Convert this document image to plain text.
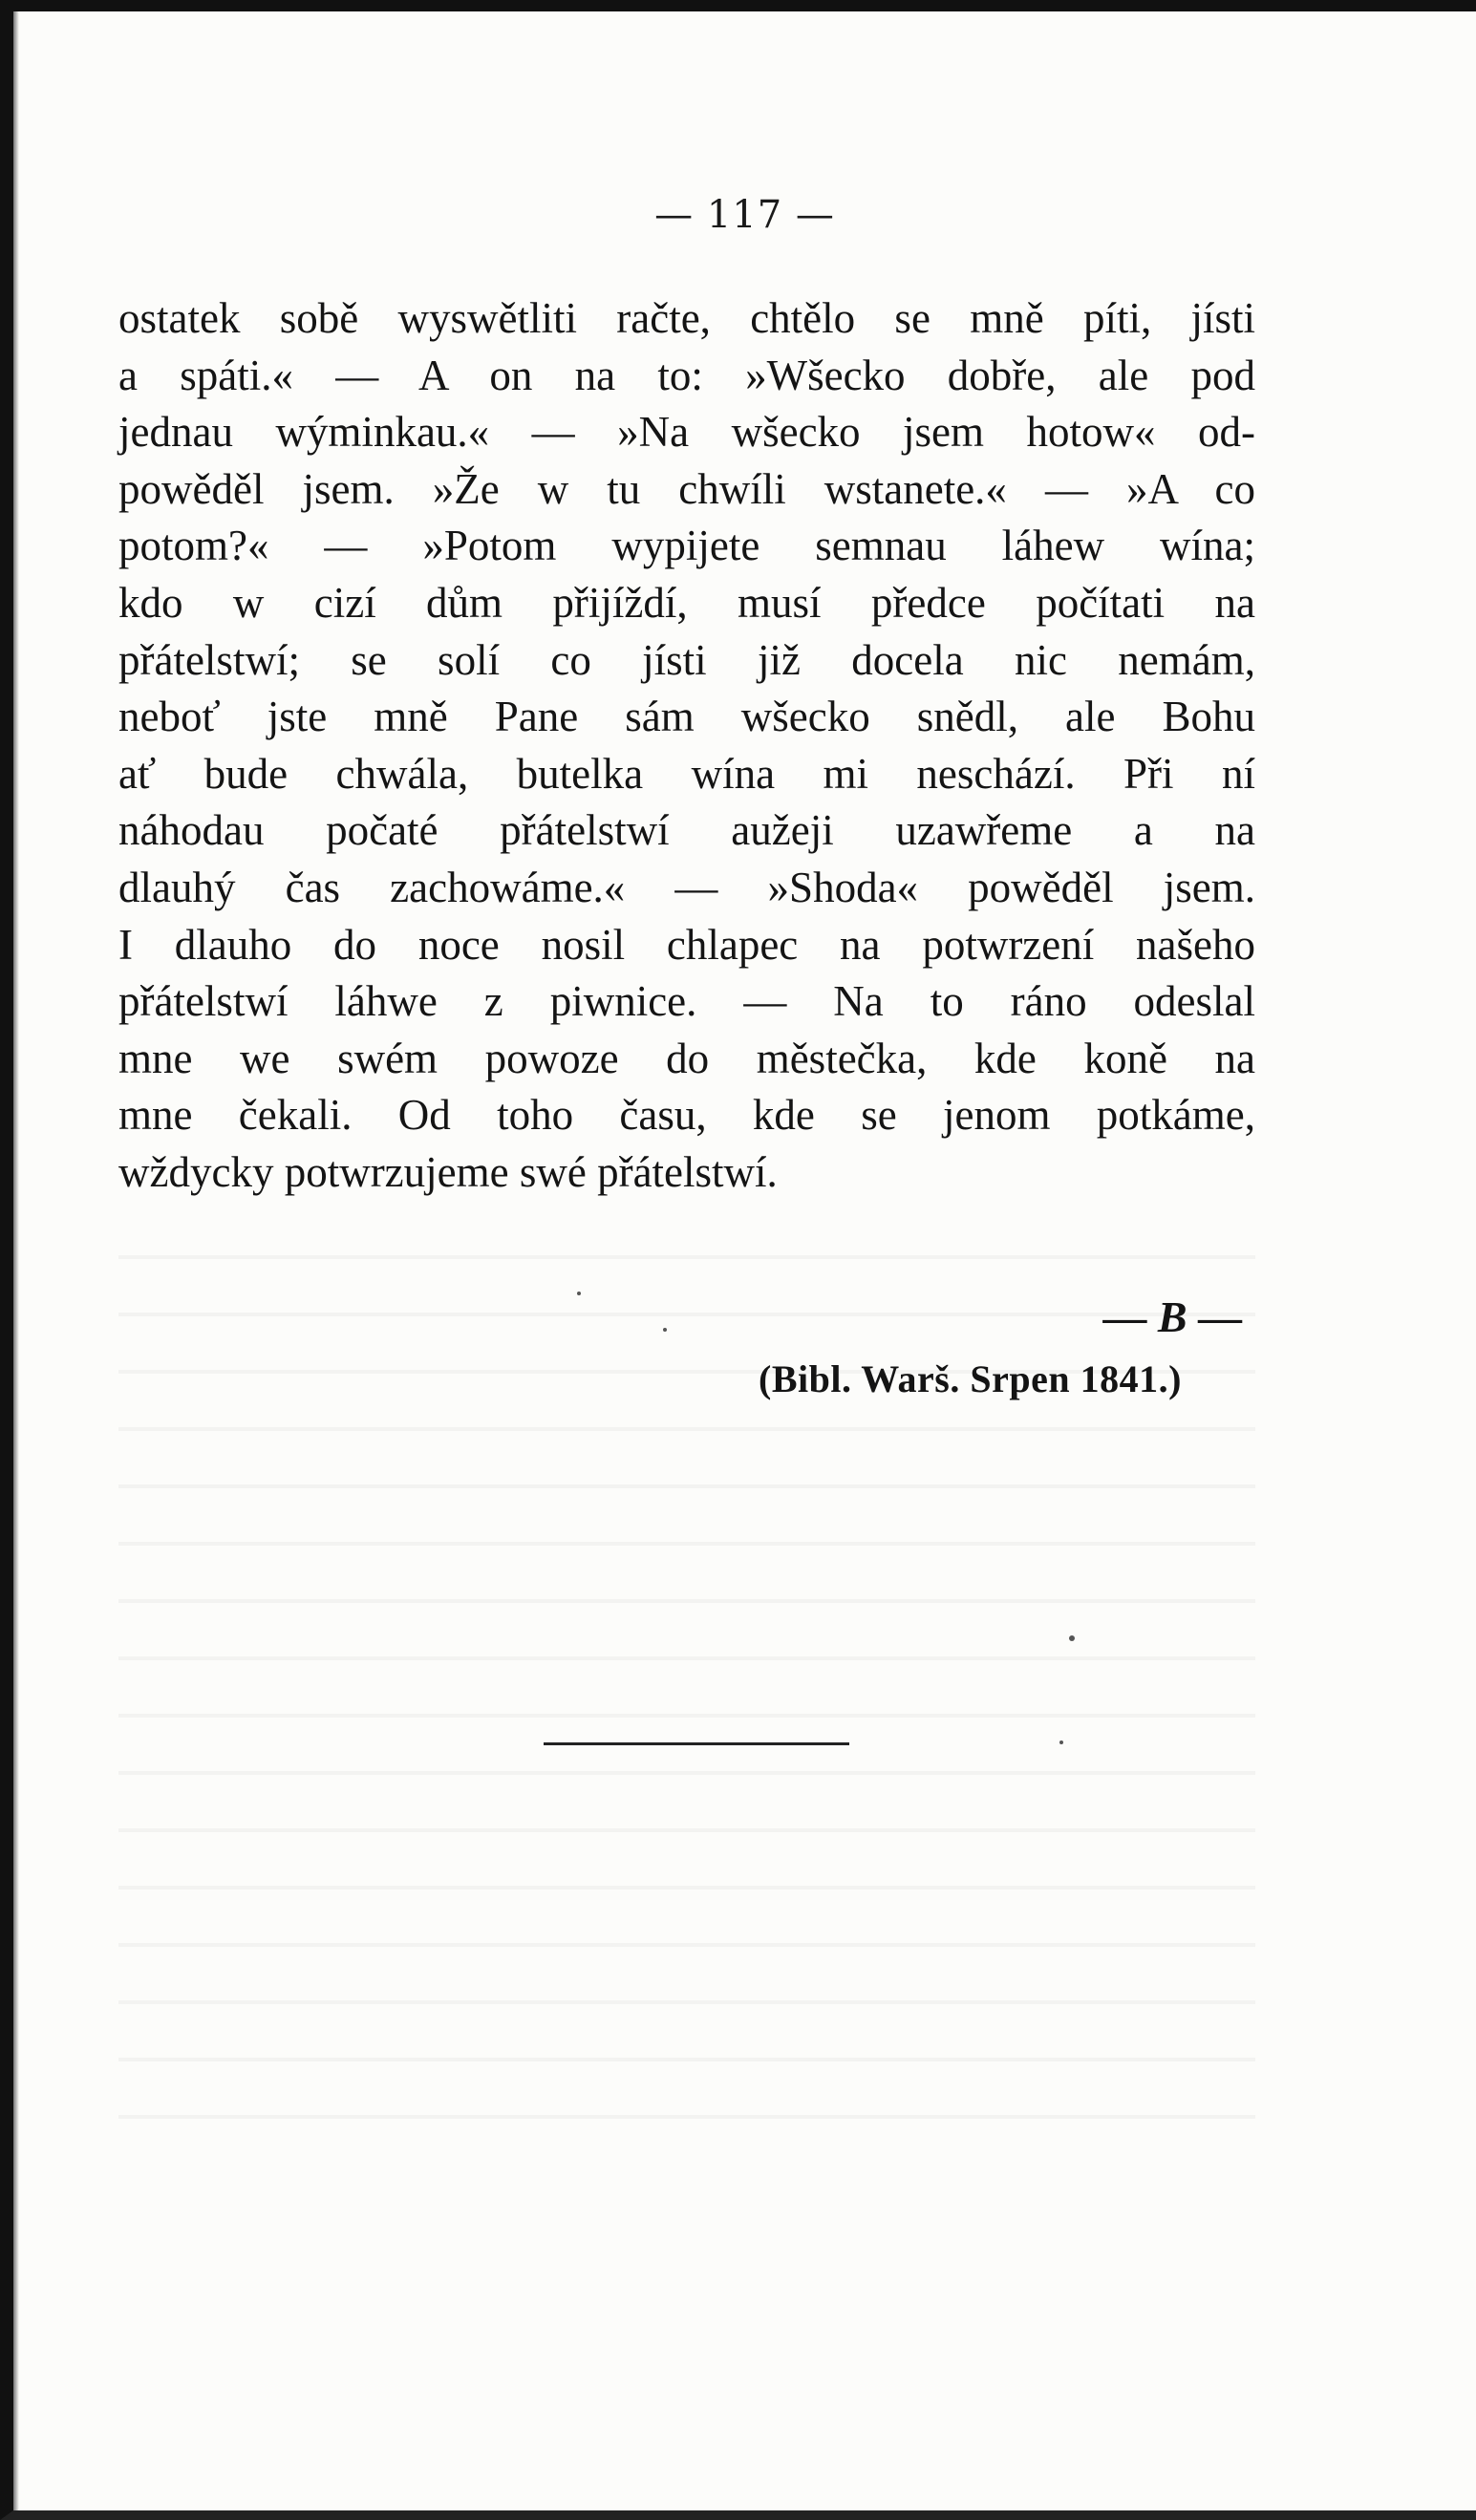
— 117 —
ostatek sobě wyswětliti račte, chtělo se mně píti, jísti
a spáti.« — A on na to: »Wšecko dobře, ale pod
jednau wýminkau.« — »Na wšecko jsem hotow« od-
powěděl jsem. »Že w tu chwíli wstanete.« — »A co
potom?« — »Potom wypijete semnau láhew wína;
kdo w cizí dům přijíždí, musí předce počítati na
přátelstwí; se solí co jísti již docela nic nemám,
neboť jste mně Pane sám wšecko snědl, ale Bohu
ať bude chwála, butelka wína mi neschází. Při ní
náhodau počaté přátelstwí aužeji uzawřeme a na
dlauhý čas zachowáme.« — »Shoda« powěděl jsem.
I dlauho do noce nosil chlapec na potwrzení našeho
přátelstwí láhwe z piwnice. — Na to ráno odeslal
mne we swém powoze do městečka, kde koně na
mne čekali. Od toho času, kde se jenom potkáme,
wždycky potwrzujeme swé přátelstwí.
— B —
(Bibl. Warš. Srpen 1841.)
